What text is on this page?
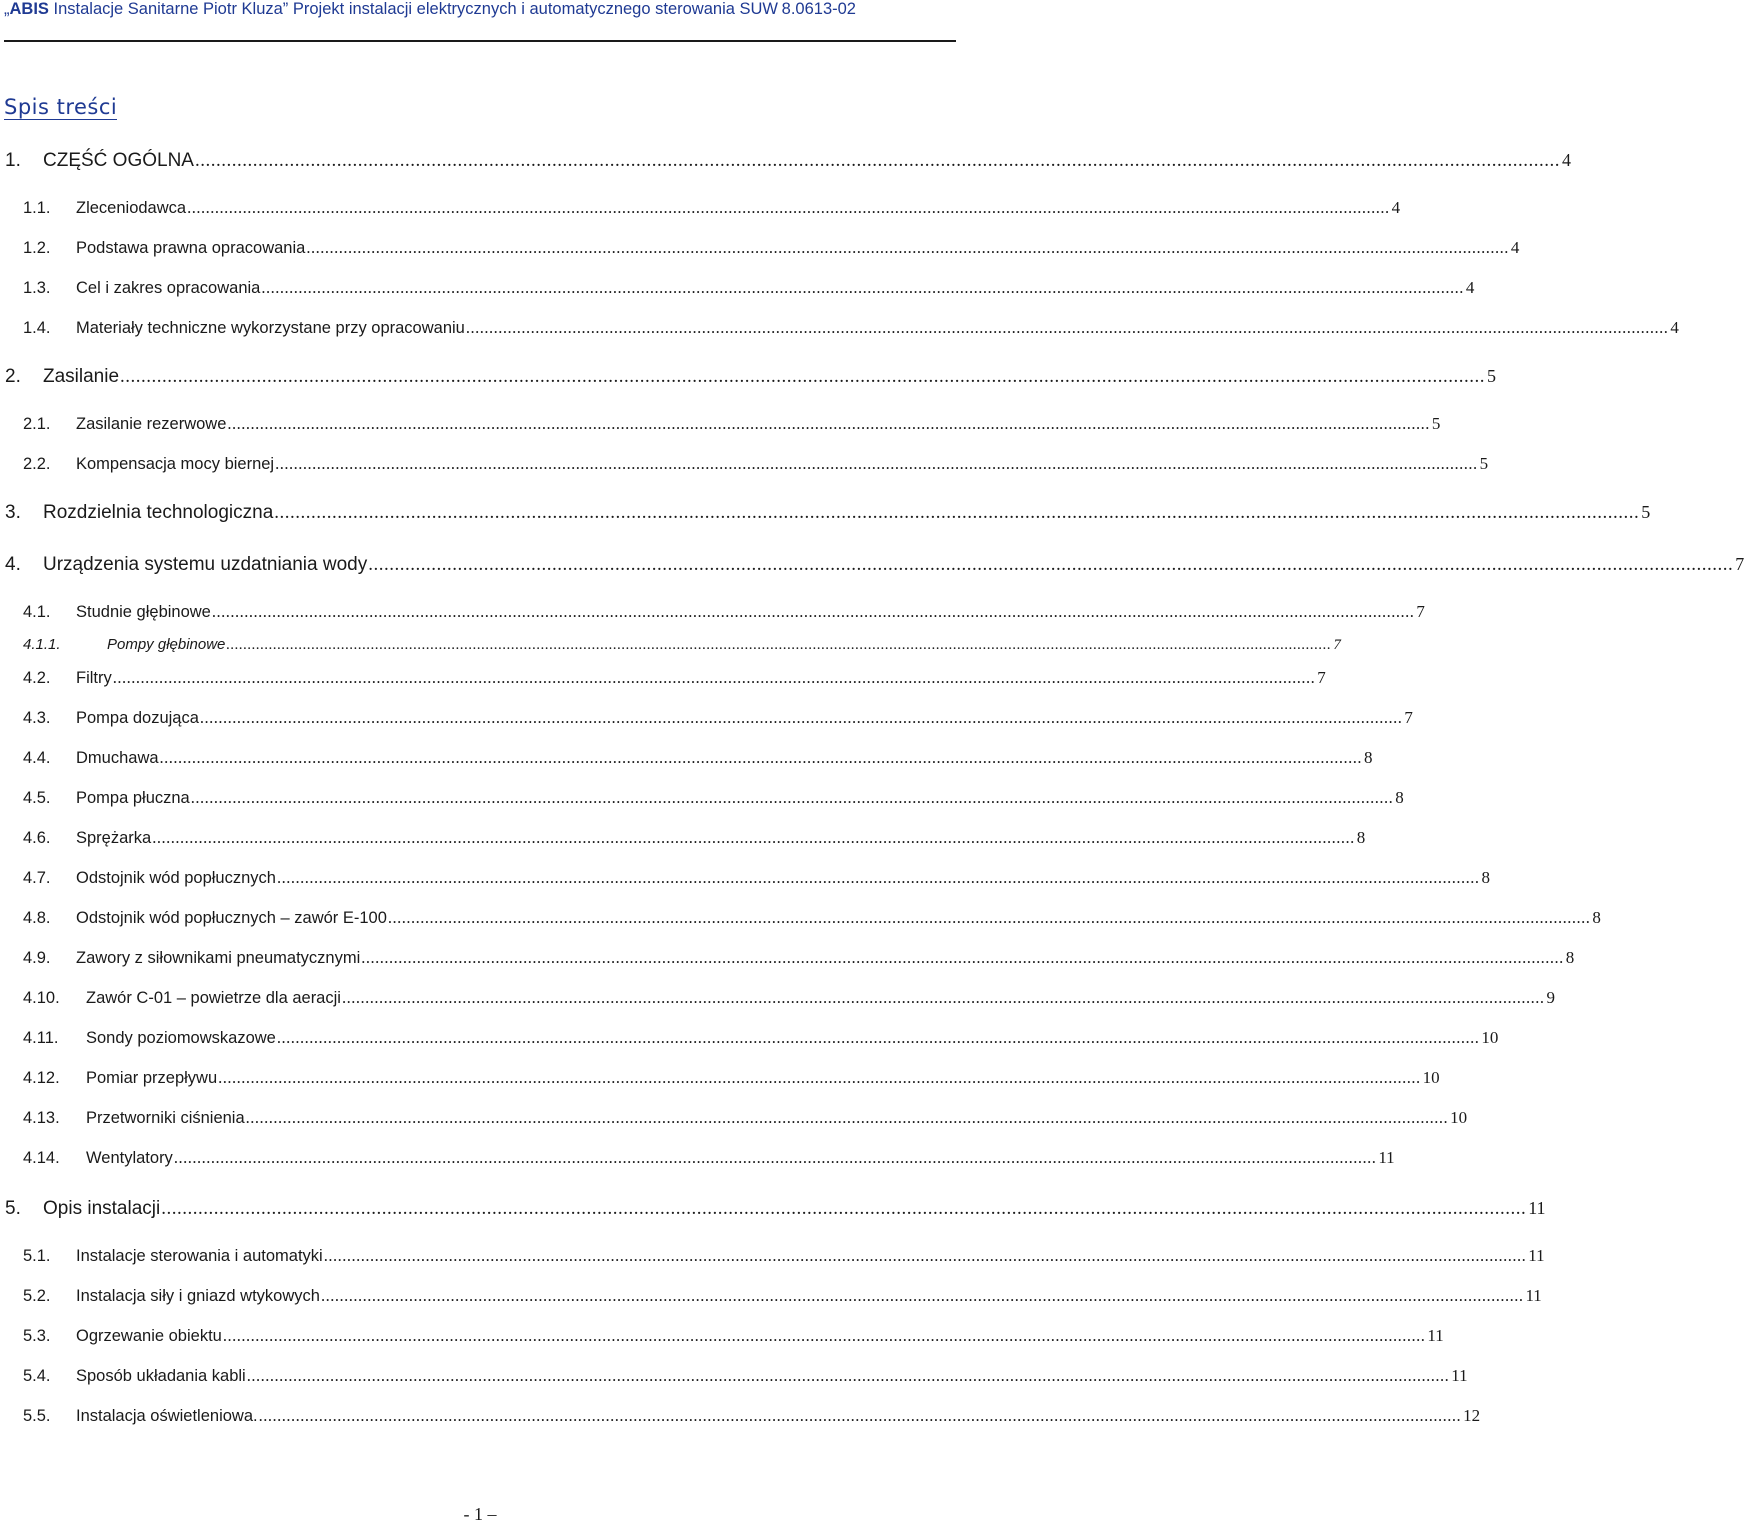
„ABIS Instalacje Sanitarne Piotr Kluza” Projekt instalacji elektrycznych i automatycznego sterowania SUW 8.0613-02
Spis treści
1.	CZĘŚĆ OGÓLNA .................................................................................................................................................................................................................................................................... 4
1.1.	Zleceniodawca .................................................................................................................................................................................................................................................................... 4
1.2.	Podstawa prawna opracowania .................................................................................................................................................................................................................................................................... 4
1.3.	Cel i zakres opracowania .................................................................................................................................................................................................................................................................... 4
1.4.	Materiały techniczne wykorzystane przy opracowaniu .................................................................................................................................................................................................................................................................... 4
2.	Zasilanie .................................................................................................................................................................................................................................................................... 5
2.1.	Zasilanie rezerwowe .................................................................................................................................................................................................................................................................... 5
2.2.	Kompensacja mocy biernej .................................................................................................................................................................................................................................................................... 5
3.	Rozdzielnia technologiczna .................................................................................................................................................................................................................................................................... 5
4.	Urządzenia systemu uzdatniania wody .................................................................................................................................................................................................................................................................... 7
4.1.	Studnie głębinowe .................................................................................................................................................................................................................................................................... 7
4.1.1.	Pompy głębinowe .................................................................................................................................................................................................................................................................... 7
4.2.	Filtry .................................................................................................................................................................................................................................................................... 7
4.3.	Pompa dozująca .................................................................................................................................................................................................................................................................... 7
4.4.	Dmuchawa .................................................................................................................................................................................................................................................................... 8
4.5.	Pompa płuczna .................................................................................................................................................................................................................................................................... 8
4.6.	Sprężarka .................................................................................................................................................................................................................................................................... 8
4.7.	Odstojnik wód popłucznych .................................................................................................................................................................................................................................................................... 8
4.8.	Odstojnik wód popłucznych – zawór E-100 .................................................................................................................................................................................................................................................................... 8
4.9.	Zawory z siłownikami pneumatycznymi .................................................................................................................................................................................................................................................................... 8
4.10.	Zawór C-01 – powietrze dla aeracji .................................................................................................................................................................................................................................................................... 9
4.11.	Sondy poziomowskazowe .................................................................................................................................................................................................................................................................... 10
4.12.	Pomiar przepływu .................................................................................................................................................................................................................................................................... 10
4.13.	Przetworniki ciśnienia .................................................................................................................................................................................................................................................................... 10
4.14.	Wentylatory .................................................................................................................................................................................................................................................................... 11
5.	Opis instalacji .................................................................................................................................................................................................................................................................... 11
5.1.	Instalacje sterowania i automatyki .................................................................................................................................................................................................................................................................... 11
5.2.	Instalacja siły i gniazd wtykowych .................................................................................................................................................................................................................................................................... 11
5.3.	Ogrzewanie obiektu .................................................................................................................................................................................................................................................................... 11
5.4.	Sposób układania kabli .................................................................................................................................................................................................................................................................... 11
5.5.	Instalacja oświetleniowa. .................................................................................................................................................................................................................................................................... 12
- 1 –
